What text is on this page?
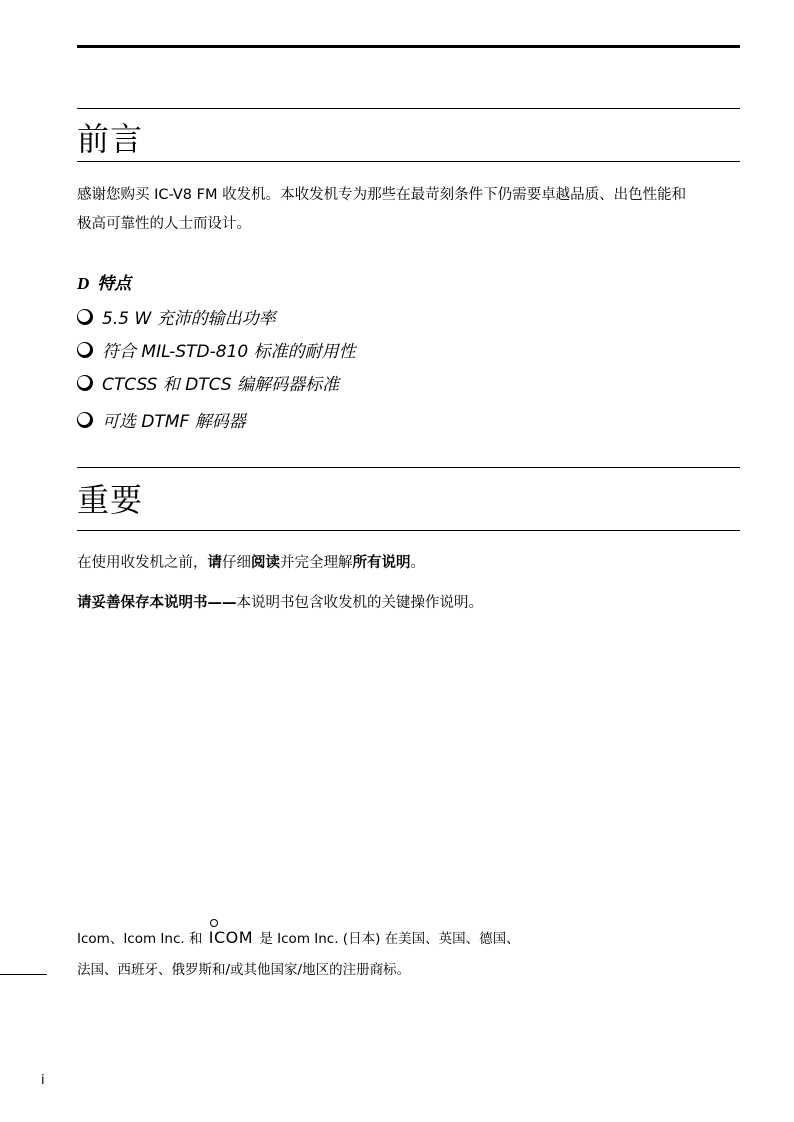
前言
感谢您购买 IC-V8 FM 收发机。本收发机专为那些在最苛刻条件下仍需要卓越品质、出色性能和
极高可靠性的人士而设计。
D 特点
5.5 W 充沛的输出功率
符合 MIL-STD-810 标准的耐用性
CTCSS 和 DTCS 编解码器标准
可选 DTMF 解码器
重要
在使用收发机之前，请仔细阅读并完全理解所有说明。
请妥善保存本说明书——本说明书包含收发机的关键操作说明。
Icom、Icom Inc. 和 ICOM 是 Icom Inc. (日本) 在美国、英国、德国、
法国、西班牙、俄罗斯和/或其他国家/地区的注册商标。
i
